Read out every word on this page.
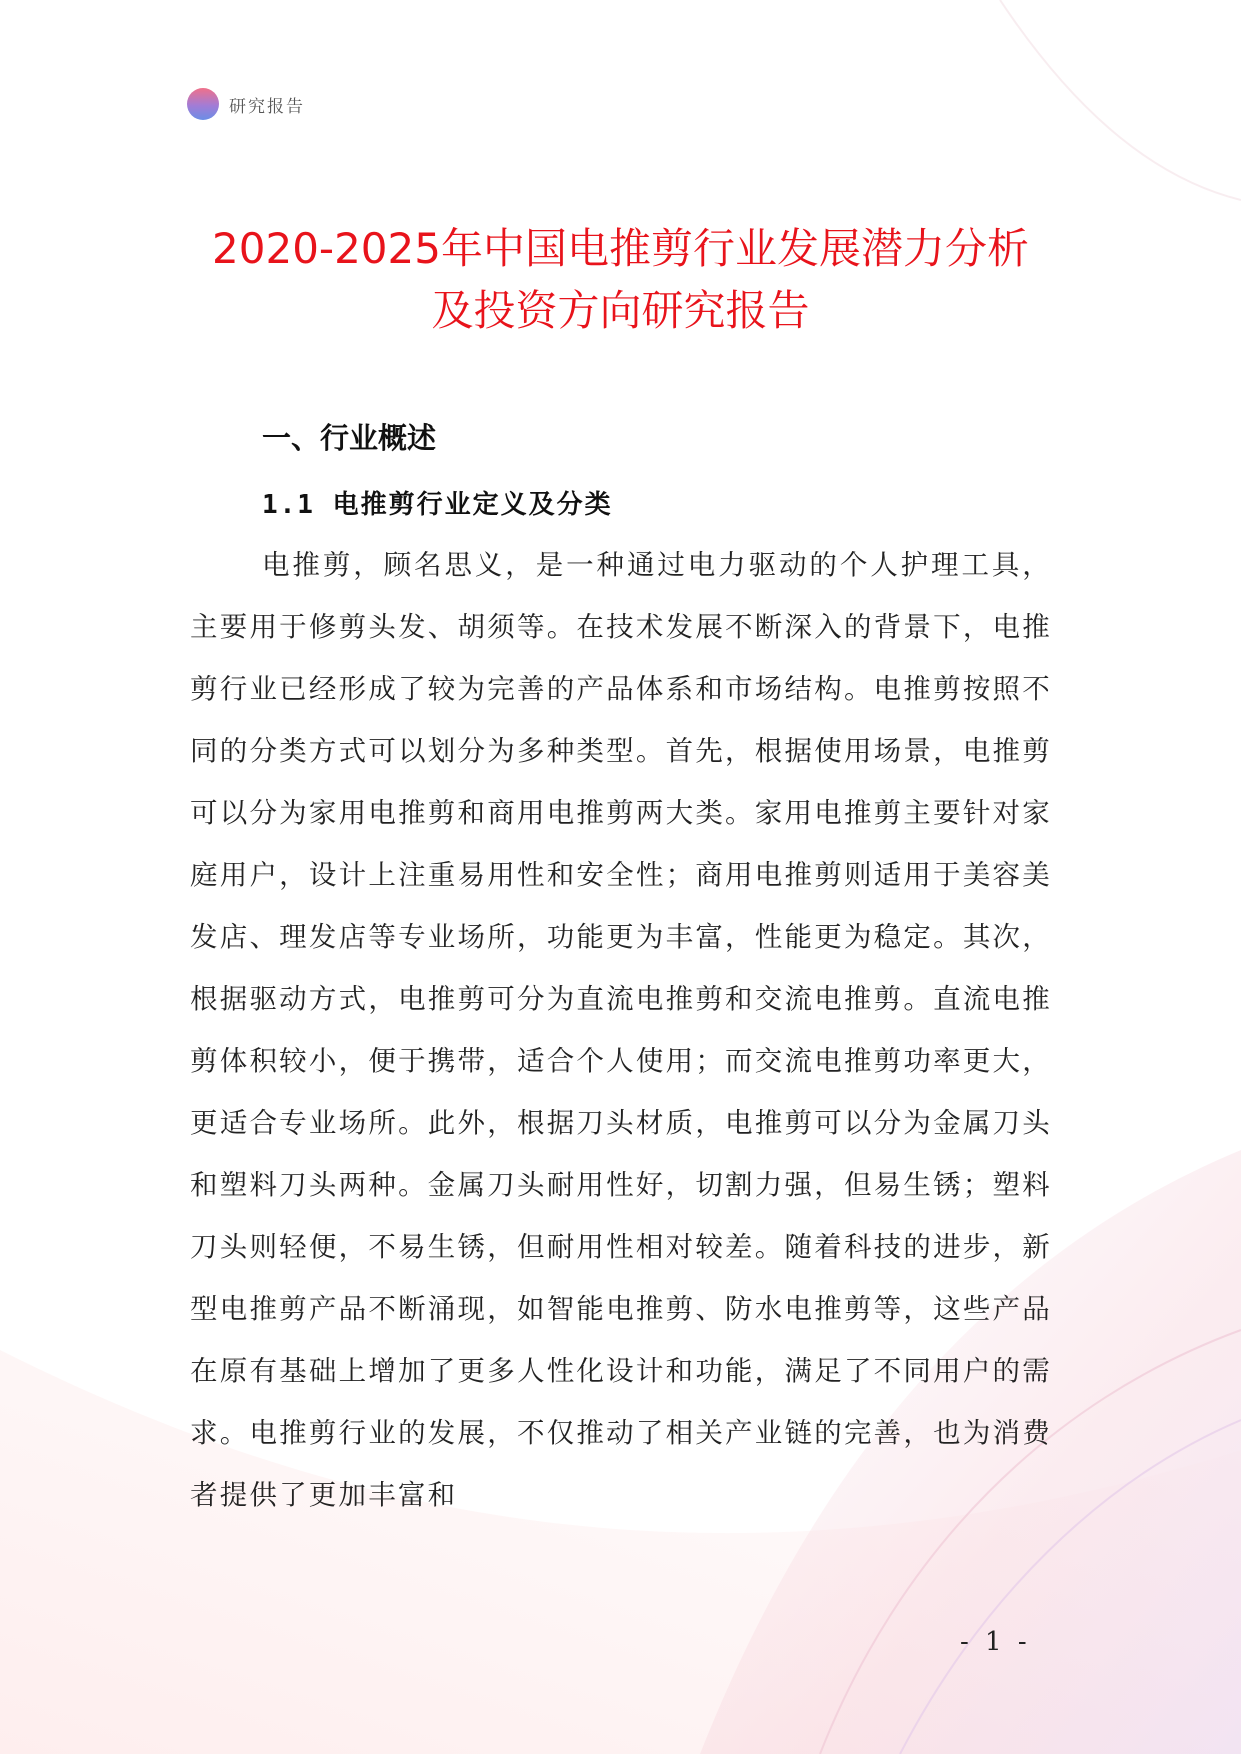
研究报告
2020-2025年中国电推剪行业发展潜力分析
及投资方向研究报告
一、行业概述
1.1 电推剪行业定义及分类

电推剪，顾名思义，是一种通过电力驱动的个人护理工具，主要用于修剪头发、胡须等。在技术发展不断深入的背景下，电推剪行业已经形成了较为完善的产品体系和市场结构。电推剪按照不同的分类方式可以划分为多种类型。首先，根据使用场景，电推剪可以分为家用电推剪和商用电推剪两大类。家用电推剪主要针对家庭用户，设计上注重易用性和安全性；商用电推剪则适用于美容美发店、理发店等专业场所，功能更为丰富，性能更为稳定。其次，根据驱动方式，电推剪可分为直流电推剪和交流电推剪。直流电推剪体积较小，便于携带，适合个人使用；而交流电推剪功率更大，更适合专业场所。此外，根据刀头材质，电推剪可以分为金属刀头和塑料刀头两种。金属刀头耐用性好，切割力强，但易生锈；塑料刀头则轻便，不易生锈，但耐用性相对较差。随着科技的进步，新型电推剪产品不断涌现，如智能电推剪、防水电推剪等，这些产品在原有基础上增加了更多人性化设计和功能，满足了不同用户的需求。电推剪行业的发展，不仅推动了相关产业链的完善，也为消费者提供了更加丰富和

- 1 -
